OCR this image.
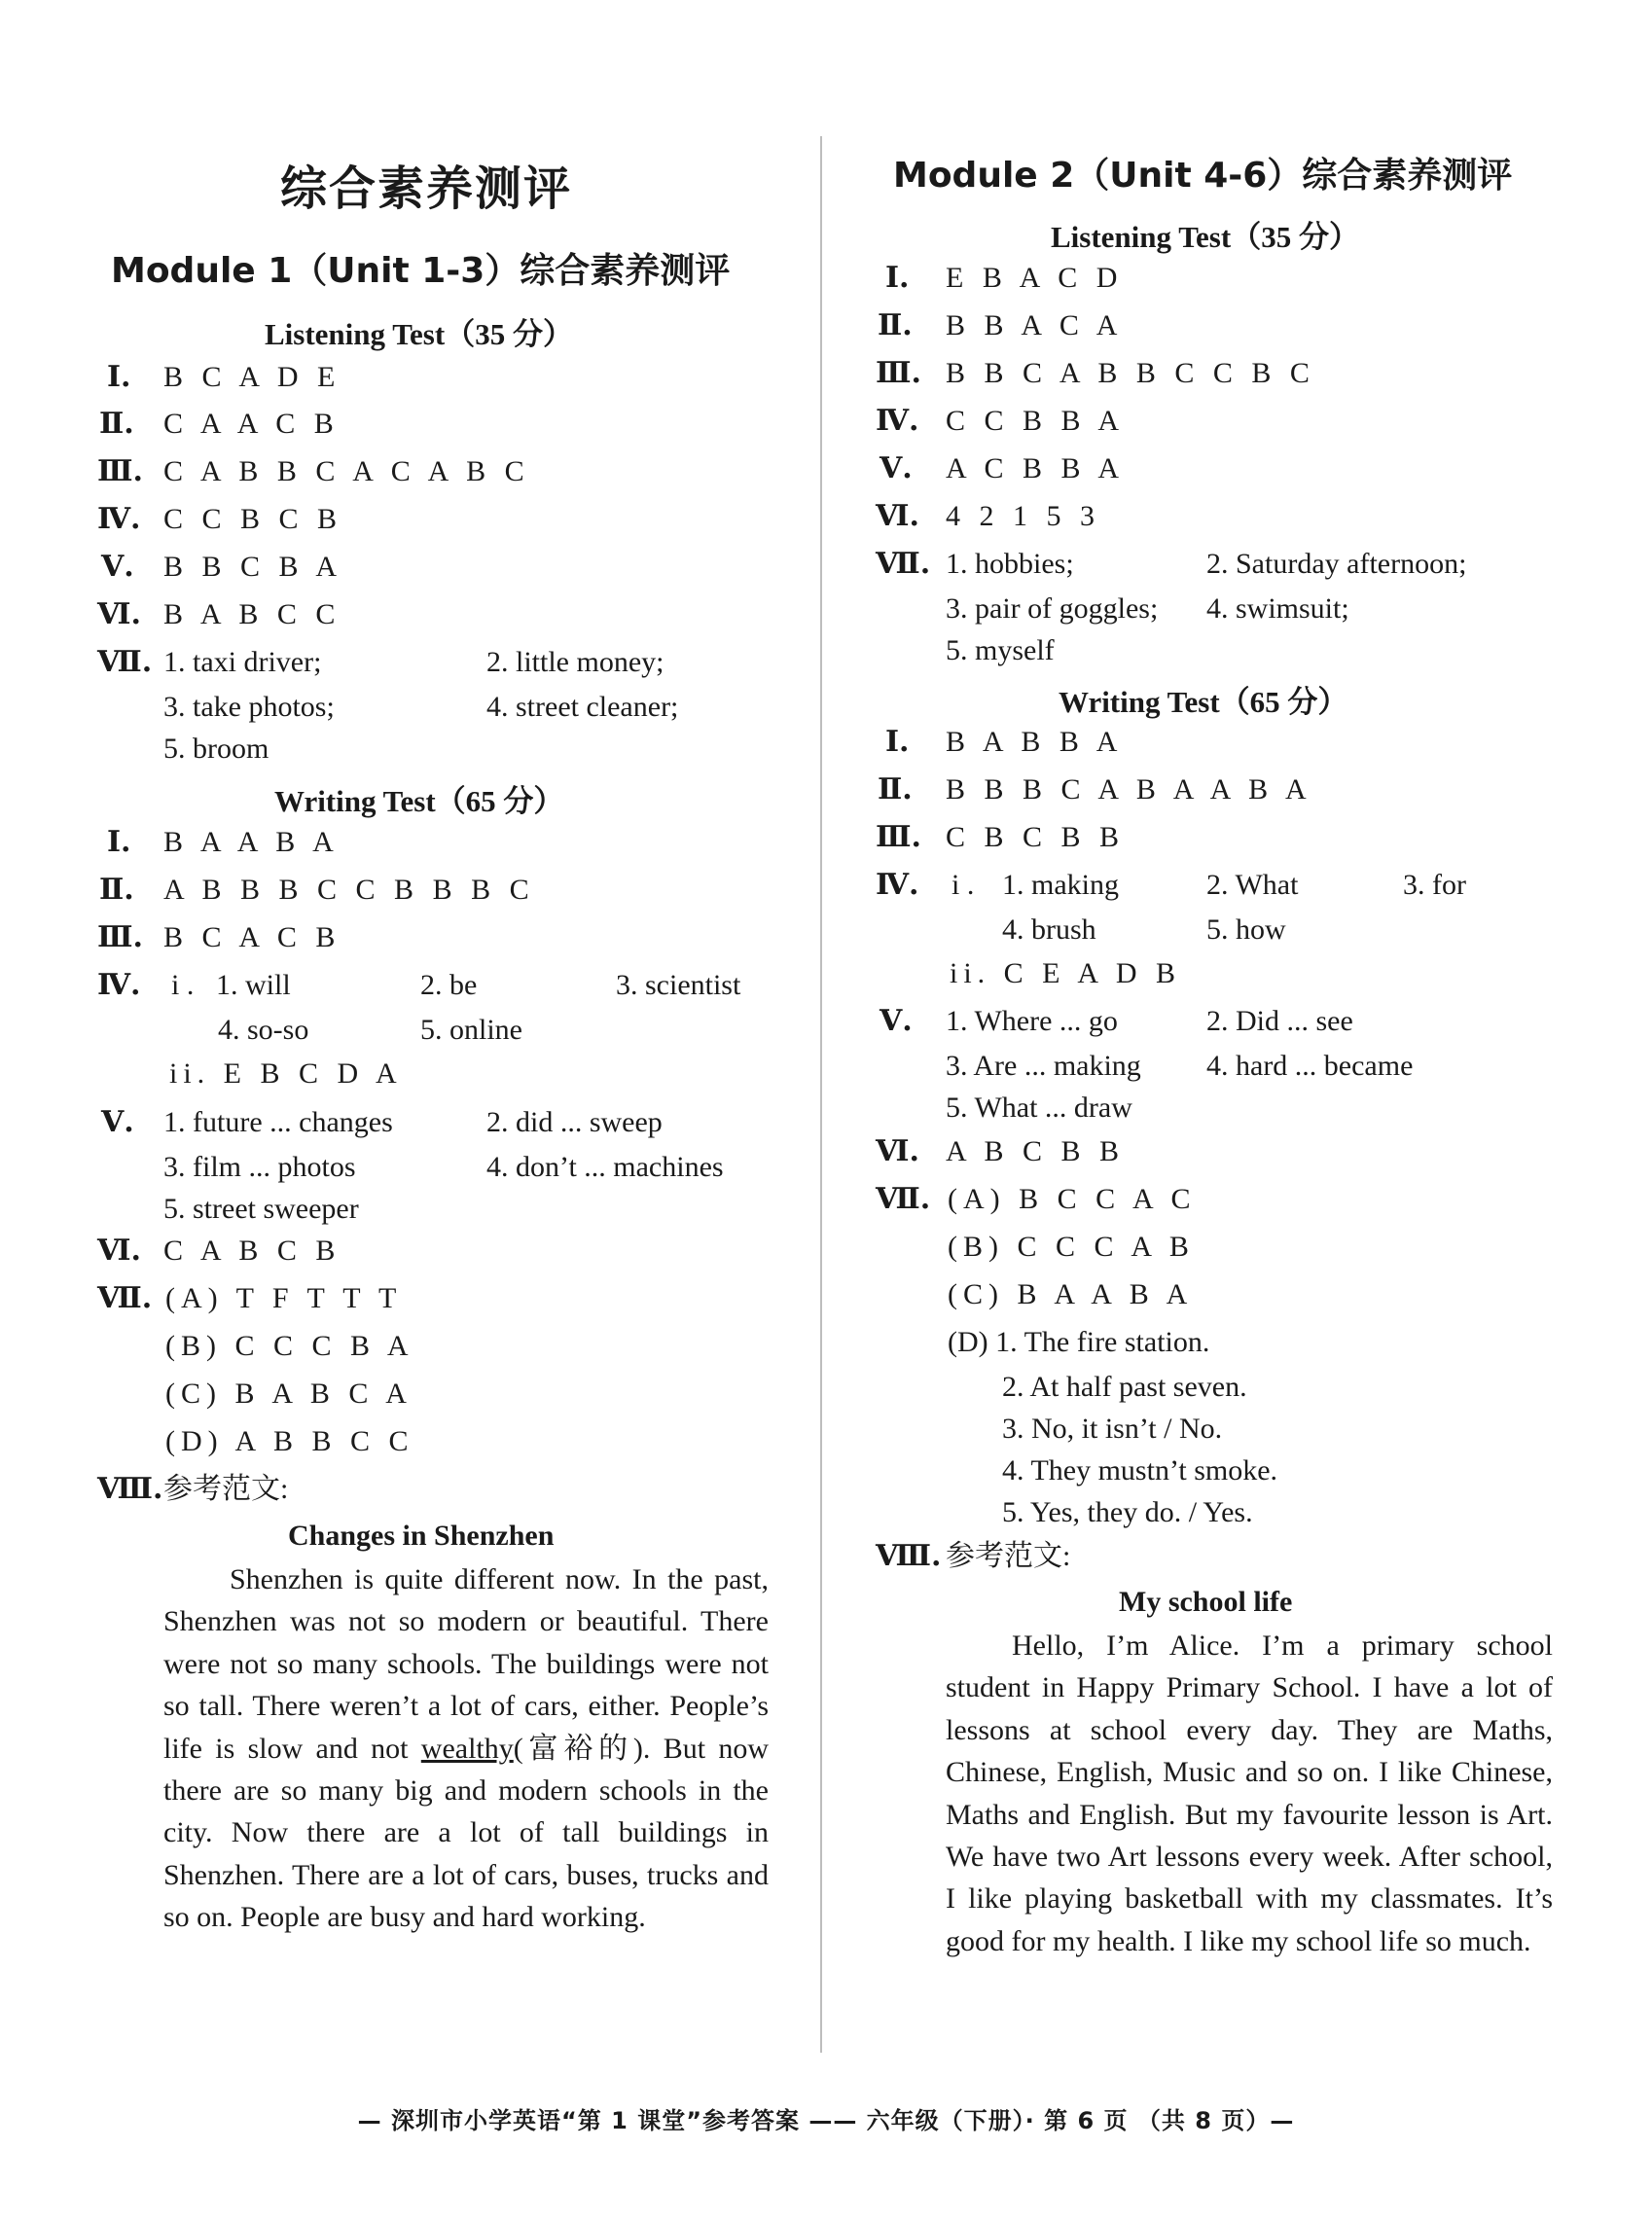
综合素养测评
Module 1（Unit 1-3）综合素养测评
Listening Test（35 分）
Ⅰ. B C A D E
Ⅱ. C A A C B
Ⅲ. C A B B C A C A B C
Ⅳ. C C B C B
Ⅴ. B B C B A
Ⅵ. B A B C C
Ⅶ. 1. taxi driver;	2. little money;
3. take photos;	4. street cleaner;
5. broom
Writing Test（65 分）
Ⅰ. B A A B A
Ⅱ. A B B B C C B B B C
Ⅲ. B C A C B
Ⅳ. i . 1. will	2. be	3. scientist
4. so-so	5. online
ii. E B C D A
Ⅴ. 1. future ... changes	2. did ... sweep
3. film ... photos	4. don’t ... machines
5. street sweeper
Ⅵ. C A B C B
Ⅶ. (A) T F T T T
(B) C C C B A
(C) B A B C A
(D) A B B C C
Ⅷ. 参考范文:
Changes in Shenzhen

Shenzhen is quite different now. In the past, Shenzhen was not so modern or beautiful. There were not so many schools. The buildings were not so tall. There weren’t a lot of cars, either. People’s life is slow and not wealthy(富裕的). But now there are so many big and modern schools in the city. Now there are a lot of tall buildings in Shenzhen. There are a lot of cars, buses, trucks and so on. People are busy and hard working.

Module 2（Unit 4-6）综合素养测评
Listening Test（35 分）
Ⅰ. E B A C D
Ⅱ. B B A C A
Ⅲ. B B C A B B C C B C
Ⅳ. C C B B A
Ⅴ. A C B B A
Ⅵ. 4 2 1 5 3
Ⅶ. 1. hobbies;	2. Saturday afternoon;
3. pair of goggles; 4. swimsuit;
5. myself
Writing Test（65 分）
Ⅰ. B A B B A
Ⅱ. B B B C A B A A B A
Ⅲ. C B C B B
Ⅳ. i . 1. making	2. What	3. for
4. brush	5. how
ii. C E A D B
Ⅴ. 1. Where ... go	2. Did ... see
3. Are ... making 4. hard ... became
5. What ... draw
Ⅵ. A B C B B
Ⅶ. (A) B C C A C
(B) C C C A B
(C) B A A B A
(D) 1. The fire station.
2. At half past seven.
3. No, it isn’t / No.
4. They mustn’t smoke.
5. Yes, they do. / Yes.
Ⅷ. 参考范文:
My school life

Hello, I’m Alice. I’m a primary school student in Happy Primary School. I have a lot of lessons at school every day. They are Maths, Chinese, English, Music and so on. I like Chinese, Maths and English. But my favourite lesson is Art. We have two Art lessons every week. After school, I like playing basketball with my classmates. It’s good for my health. I like my school life so much.

— 深圳市小学英语“第 1 课堂”参考答案 —— 六年级（下册）· 第 6 页 （共 8 页）—
